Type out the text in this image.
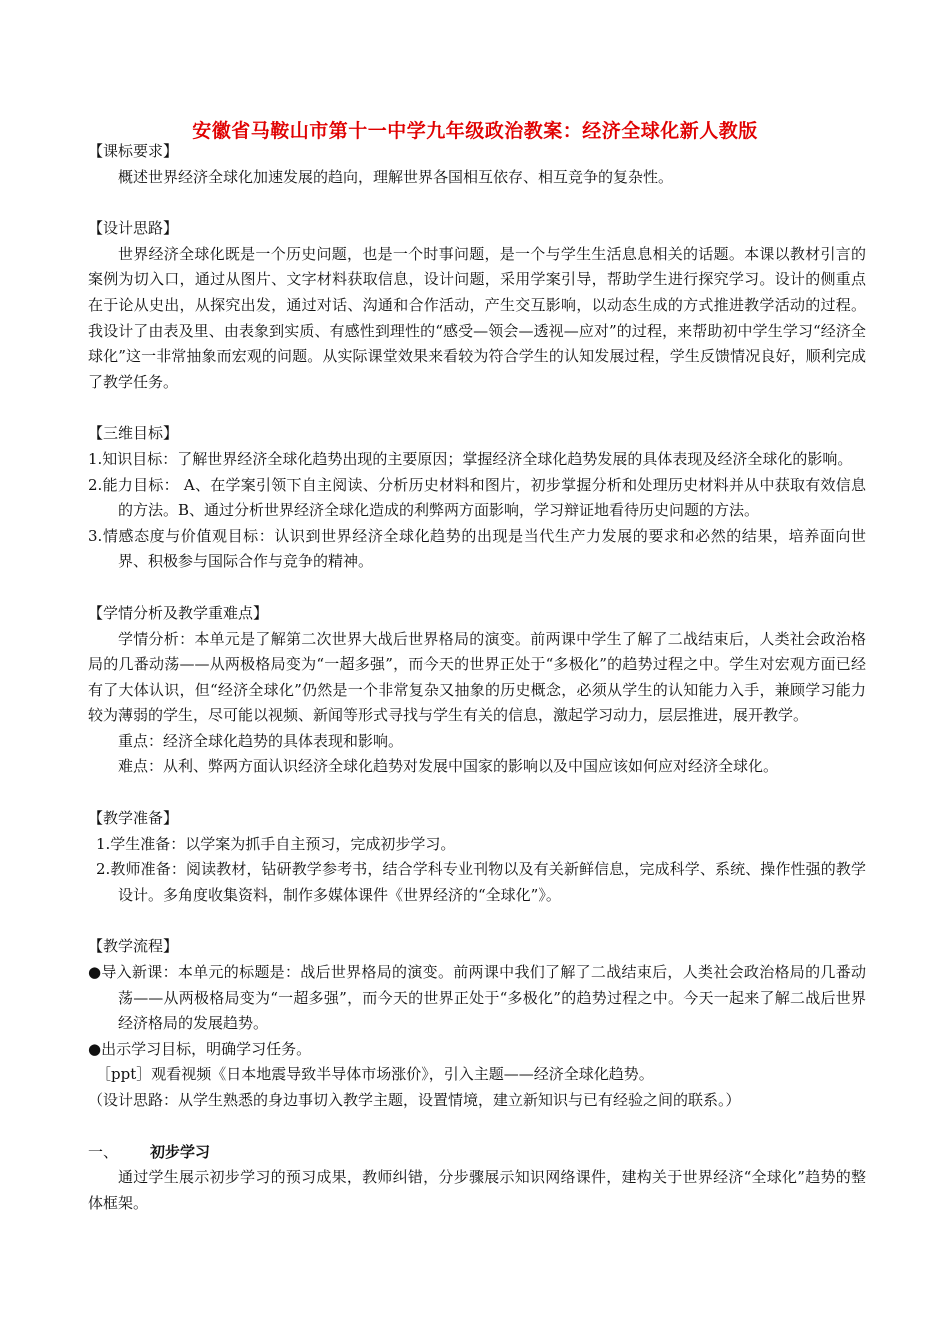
安徽省马鞍山市第十一中学九年级政治教案：经济全球化新人教版

【课标要求】

概述世界经济全球化加速发展的趋向，理解世界各国相互依存、相互竞争的复杂性。

【设计思路】

世界经济全球化既是一个历史问题，也是一个时事问题，是一个与学生生活息息相关的话题。本课以教材引言的案例为切入口，通过从图片、文字材料获取信息，设计问题，采用学案引导，帮助学生进行探究学习。设计的侧重点在于论从史出，从探究出发，通过对话、沟通和合作活动，产生交互影响，以动态生成的方式推进教学活动的过程。我设计了由表及里、由表象到实质、有感性到理性的“感受—领会—透视—应对”的过程，来帮助初中学生学习“经济全球化”这一非常抽象而宏观的问题。从实际课堂效果来看较为符合学生的认知发展过程，学生反馈情况良好，顺利完成了教学任务。

【三维目标】

1.知识目标：了解世界经济全球化趋势出现的主要原因；掌握经济全球化趋势发展的具体表现及经济全球化的影响。

2.能力目标： A、在学案引领下自主阅读、分析历史材料和图片，初步掌握分析和处理历史材料并从中获取有效信息的方法。B、通过分析世界经济全球化造成的利弊两方面影响，学习辩证地看待历史问题的方法。

3.情感态度与价值观目标：认识到世界经济全球化趋势的出现是当代生产力发展的要求和必然的结果，培养面向世界、积极参与国际合作与竞争的精神。

【学情分析及教学重难点】

学情分析：本单元是了解第二次世界大战后世界格局的演变。前两课中学生了解了二战结束后，人类社会政治格局的几番动荡——从两极格局变为“一超多强”，而今天的世界正处于“多极化”的趋势过程之中。学生对宏观方面已经有了大体认识，但“经济全球化”仍然是一个非常复杂又抽象的历史概念，必须从学生的认知能力入手，兼顾学习能力较为薄弱的学生，尽可能以视频、新闻等形式寻找与学生有关的信息，激起学习动力，层层推进，展开教学。

重点：经济全球化趋势的具体表现和影响。

难点：从利、弊两方面认识经济全球化趋势对发展中国家的影响以及中国应该如何应对经济全球化。

【教学准备】

1.学生准备：以学案为抓手自主预习，完成初步学习。

2.教师准备：阅读教材，钻研教学参考书，结合学科专业刊物以及有关新鲜信息，完成科学、系统、操作性强的教学设计。多角度收集资料，制作多媒体课件《世界经济的“全球化”》。

【教学流程】

●导入新课：本单元的标题是：战后世界格局的演变。前两课中我们了解了二战结束后，人类社会政治格局的几番动荡——从两极格局变为“一超多强”，而今天的世界正处于“多极化”的趋势过程之中。今天一起来了解二战后世界经济格局的发展趋势。

●出示学习目标，明确学习任务。

［ppt］观看视频《日本地震导致半导体市场涨价》，引入主题——经济全球化趋势。

（设计思路：从学生熟悉的身边事切入教学主题，设置情境，建立新知识与已有经验之间的联系。）

一、 初步学习

通过学生展示初步学习的预习成果，教师纠错，分步骤展示知识网络课件，建构关于世界经济“全球化”趋势的整体框架。
